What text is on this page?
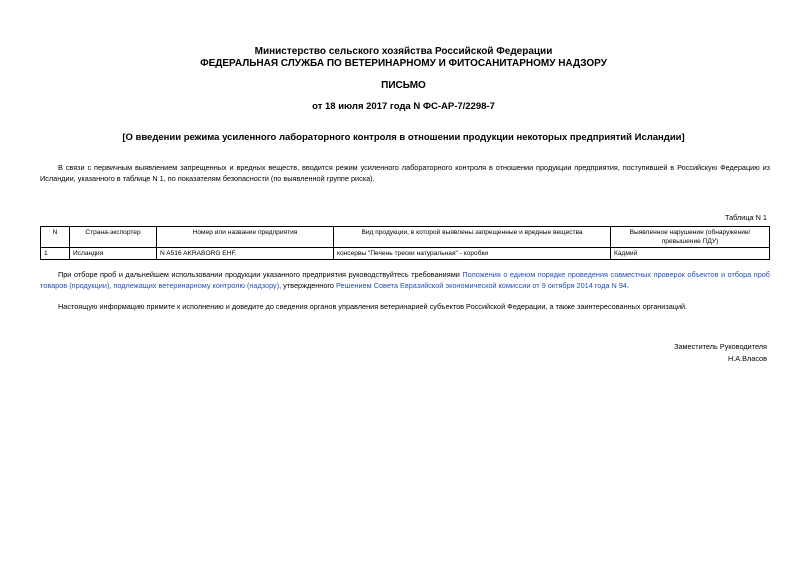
Министерство сельского хозяйства Российской Федерации
ФЕДЕРАЛЬНАЯ СЛУЖБА ПО ВЕТЕРИНАРНОМУ И ФИТОСАНИТАРНОМУ НАДЗОРУ
ПИСЬМО
от 18 июля 2017 года N ФС-АР-7/2298-7
[О введении режима усиленного лабораторного контроля в отношении продукции некоторых предприятий Исландии]
В связи с первичным выявлением запрещенных и вредных веществ, вводится режим усиленного лабораторного контроля в отношении продукции предприятия, поступившей в Российскую Федерацию из Исландии, указанного в таблице N 1, по показателям безопасности (по выявленной группе риска).
Таблица N 1
N	Страна-экспортер	Номер или название предприятия	Вид продукции, в которой выявлены запрещенные и вредные вещества	Выявленное нарушение (обнаружение/превышение ПДУ)
1	Исландия	N A516 AKRABORG EHF.	консервы "Печень трески натуральная" - коробки	Кадмий
При отборе проб и дальнейшем использовании продукции указанного предприятия руководствуйтесь требованиями Положения о едином порядке проведения совместных проверок объектов и отбора проб товаров (продукции), подлежащих ветеринарному контролю (надзору), утвержденного Решением Совета Евразийской экономической комиссии от 9 октября 2014 года N 94.
Настоящую информацию примите к исполнению и доведите до сведения органов управления ветеринарией субъектов Российской Федерации, а также заинтересованных организаций.
Заместитель Руководителя
Н.А.Власов
